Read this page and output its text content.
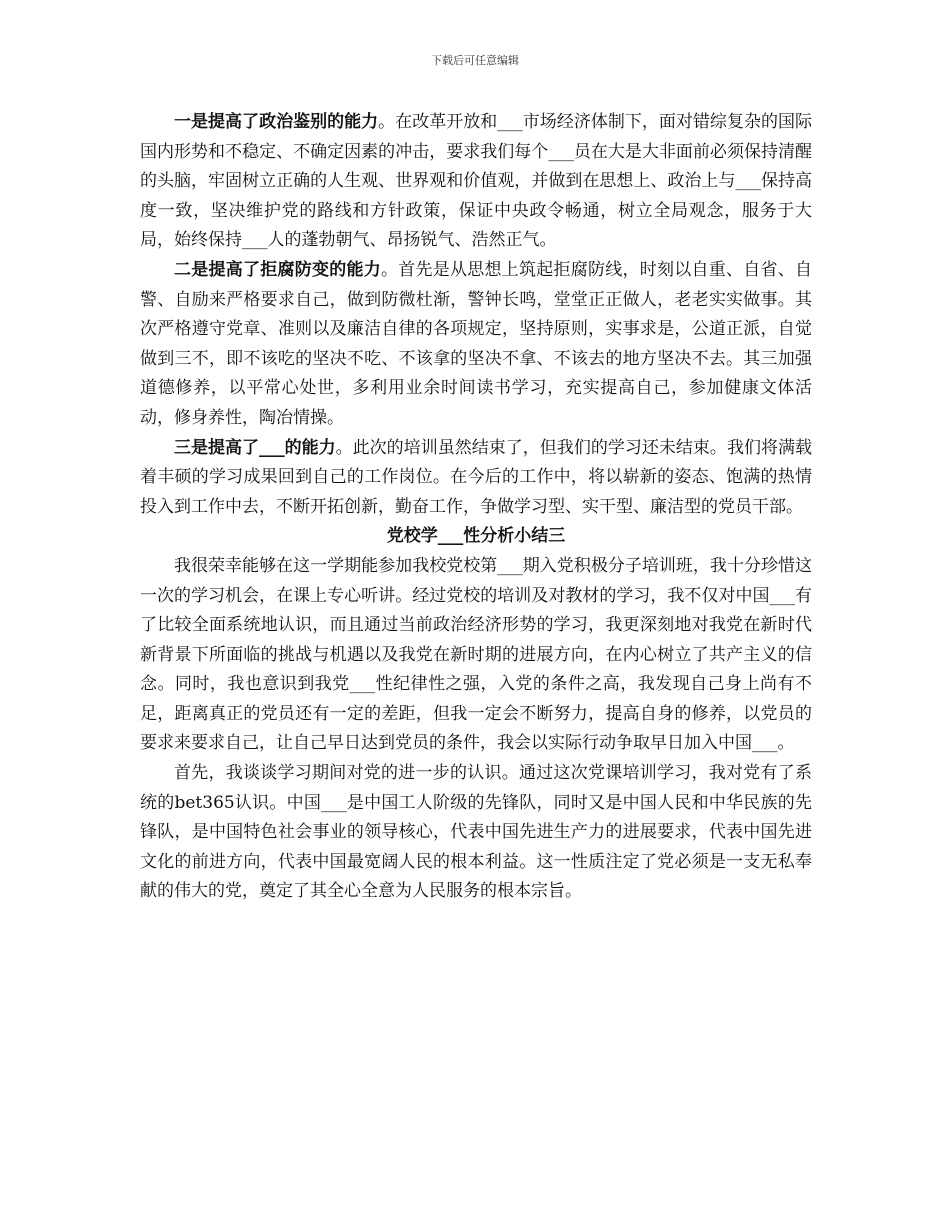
下载后可任意编辑

一是提高了政治鉴别的能力。在改革开放和___市场经济体制下，面对错综复杂的国际国内形势和不稳定、不确定因素的冲击，要求我们每个___员在大是大非面前必须保持清醒的头脑，牢固树立正确的人生观、世界观和价值观，并做到在思想上、政治上与___保持高度一致，坚决维护党的路线和方针政策，保证中央政令畅通，树立全局观念，服务于大局，始终保持___人的蓬勃朝气、昂扬锐气、浩然正气。

二是提高了拒腐防变的能力。首先是从思想上筑起拒腐防线，时刻以自重、自省、自警、自励来严格要求自己，做到防微杜渐，警钟长鸣，堂堂正正做人，老老实实做事。其次严格遵守党章、准则以及廉洁自律的各项规定，坚持原则，实事求是，公道正派，自觉做到三不，即不该吃的坚决不吃、不该拿的坚决不拿、不该去的地方坚决不去。其三加强道德修养，以平常心处世，多利用业余时间读书学习，充实提高自己，参加健康文体活动，修身养性，陶冶情操。

三是提高了___的能力。此次的培训虽然结束了，但我们的学习还未结束。我们将满载着丰硕的学习成果回到自己的工作岗位。在今后的工作中，将以崭新的姿态、饱满的热情投入到工作中去，不断开拓创新，勤奋工作，争做学习型、实干型、廉洁型的党员干部。

党校学___性分析小结三

我很荣幸能够在这一学期能参加我校党校第___期入党积极分子培训班，我十分珍惜这一次的学习机会，在课上专心听讲。经过党校的培训及对教材的学习，我不仅对中国___有了比较全面系统地认识，而且通过当前政治经济形势的学习，我更深刻地对我党在新时代新背景下所面临的挑战与机遇以及我党在新时期的进展方向，在内心树立了共产主义的信念。同时，我也意识到我党___性纪律性之强，入党的条件之高，我发现自己身上尚有不足，距离真正的党员还有一定的差距，但我一定会不断努力，提高自身的修养，以党员的要求来要求自己，让自己早日达到党员的条件，我会以实际行动争取早日加入中国___。

首先，我谈谈学习期间对党的进一步的认识。通过这次党课培训学习，我对党有了系统的bet365认识。中国___是中国工人阶级的先锋队，同时又是中国人民和中华民族的先锋队，是中国特色社会事业的领导核心，代表中国先进生产力的进展要求，代表中国先进文化的前进方向，代表中国最宽阔人民的根本利益。这一性质注定了党必须是一支无私奉献的伟大的党，奠定了其全心全意为人民服务的根本宗旨。
